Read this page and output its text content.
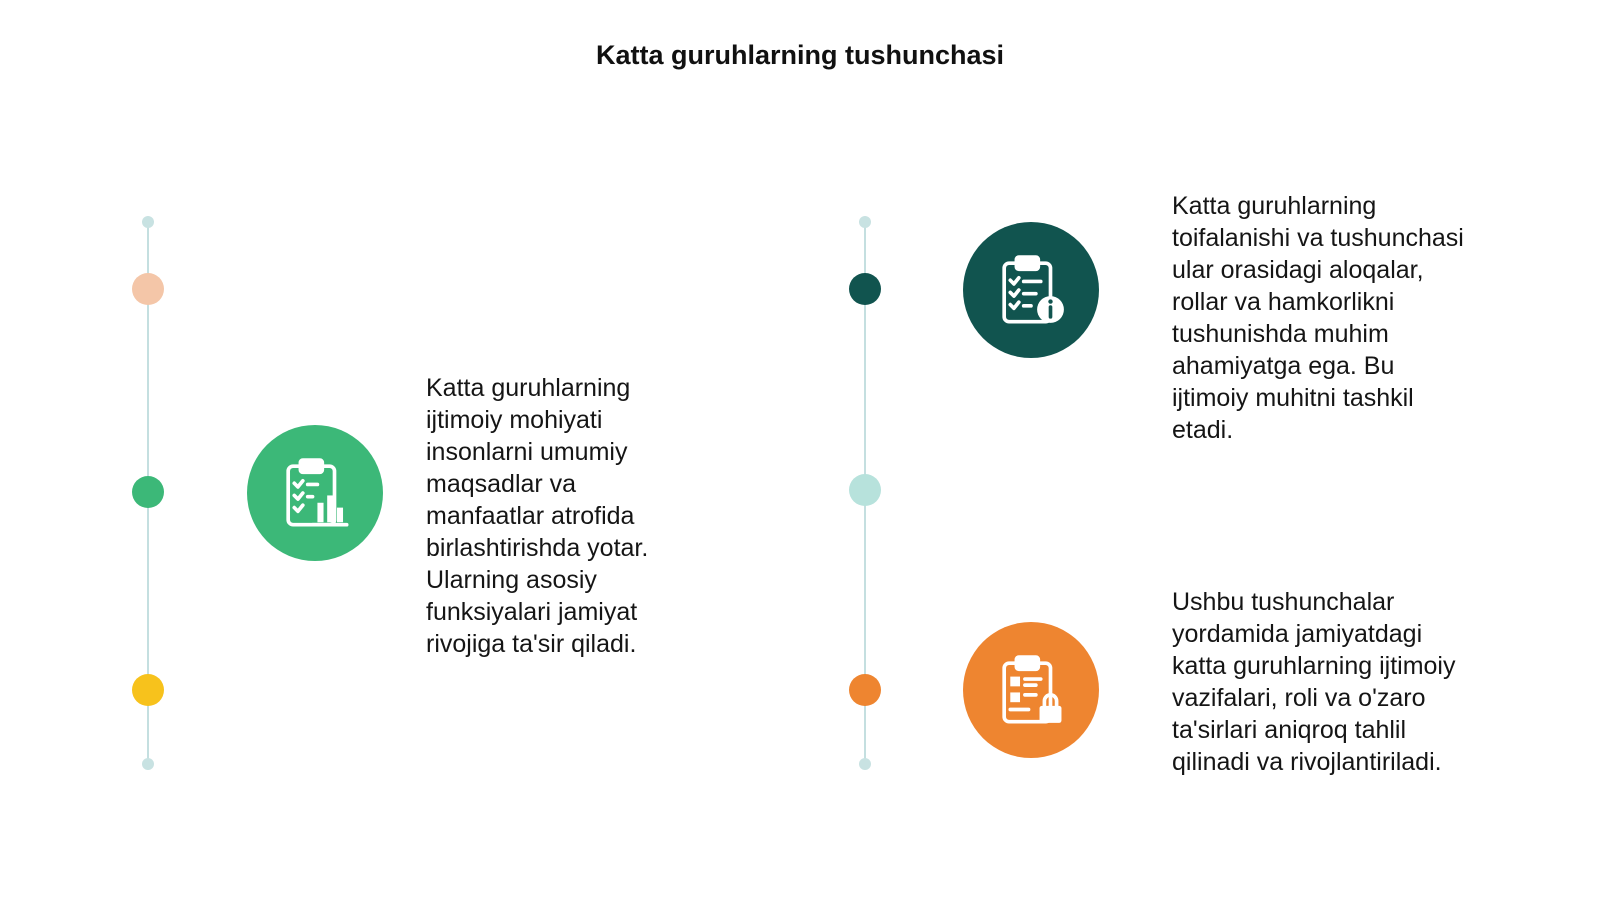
Katta guruhlarning tushunchasi

Katta guruhlarning
ijtimoiy mohiyati
insonlarni umumiy
maqsadlar va
manfaatlar atrofida
birlashtirishda yotar.
Ularning asosiy
funksiyalari jamiyat
rivojiga ta'sir qiladi.

Katta guruhlarning
toifalanishi va tushunchasi
ular orasidagi aloqalar,
rollar va hamkorlikni
tushunishda muhim
ahamiyatga ega. Bu
ijtimoiy muhitni tashkil
etadi.

Ushbu tushunchalar
yordamida jamiyatdagi
katta guruhlarning ijtimoiy
vazifalari, roli va o'zaro
ta'sirlari aniqroq tahlil
qilinadi va rivojlantiriladi.
